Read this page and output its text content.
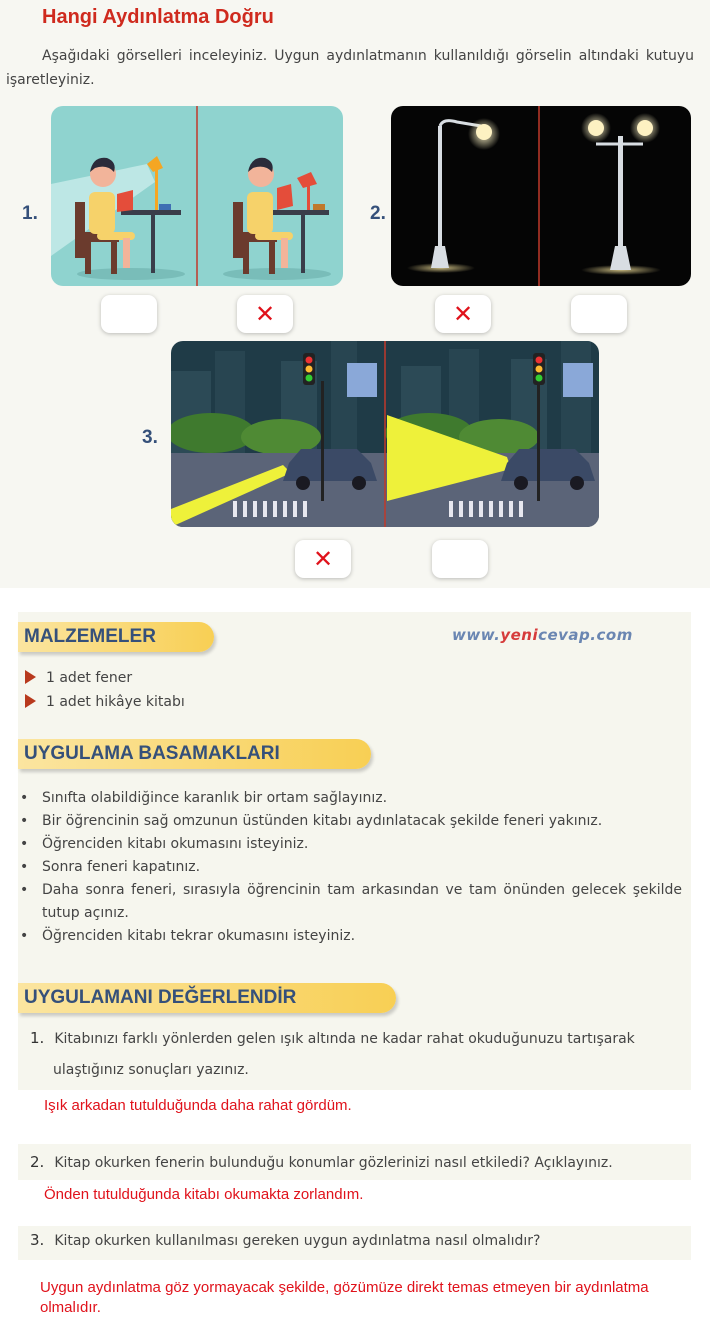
Hangi Aydınlatma Doğru
Aşağıdaki görselleri inceleyiniz. Uygun aydınlatmanın kullanıldığı görselin altındaki kutuyu işaretleyiniz.
1.
✕
2.
✕
3.
✕
MALZEMELER	www.yenicevap.com
1 adet fener
1 adet hikâye kitabı
UYGULAMA BASAMAKLARI
• Sınıfta olabildiğince karanlık bir ortam sağlayınız.
• Bir öğrencinin sağ omzunun üstünden kitabı aydınlatacak şekilde feneri yakınız.
• Öğrenciden kitabı okumasını isteyiniz.
• Sonra feneri kapatınız.
• Daha sonra feneri, sırasıyla öğrencinin tam arkasından ve tam önünden gelecek şekilde tutup açınız.
• Öğrenciden kitabı tekrar okumasını isteyiniz.
UYGULAMANI DEĞERLENDİR
1. Kitabınızı farklı yönlerden gelen ışık altında ne kadar rahat okuduğunuzu tartışarak
ulaştığınız sonuçları yazınız.
Işık arkadan tutulduğunda daha rahat gördüm.
2. Kitap okurken fenerin bulunduğu konumlar gözlerinizi nasıl etkiledi? Açıklayınız.
Önden tutulduğunda kitabı okumakta zorlandım.
3. Kitap okurken kullanılması gereken uygun aydınlatma nasıl olmalıdır?
Uygun aydınlatma göz yormayacak şekilde, gözümüze direkt temas etmeyen bir aydınlatma olmalıdır.
